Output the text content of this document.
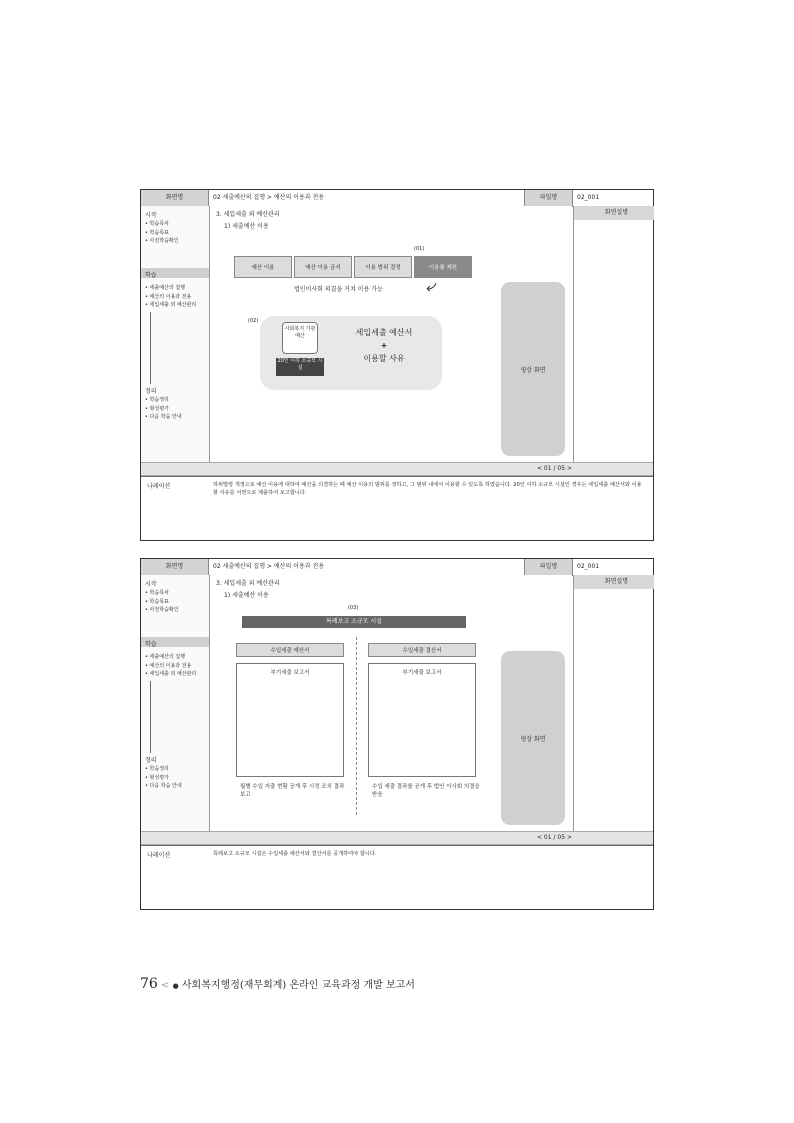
화면명	02 세출예산의 집행 > 예산의 이용과 전용	파일명	02_001
시작
• 학습목차
• 학습목표
• 사전학습확인
학습
• 세출예산의 집행
• 예산의 이용과 전용
• 세입세출 외 예산관리
정리
• 학습정리
• 형성평가
• 다음 학습 안내
3. 세입세출 외 예산관리
1) 세출예산 이용
(01)
예산 이용	예산 이용 금지	이용 범위 결정	이용률 제한
법인이사회 의결을 거쳐 이용 가능
(02)
사회복지 기관 예산
20인 이하 소규모 시설
세입세출 예산서
+
이용할 사유
영상 화면
화면설명
< 01 / 05 >
나레이션	하위법령 개정으로 예산 이용에 대하여 예산을 의결하는 때 예산 이용의 범위를 정하고, 그 범위 내에서 이용할 수 있도록 하였습니다. 20인 이하 소규모 시설인 경우는 세입세출 예산서와 이용할 사유를 서면으로 제출하여 보고합니다.
화면명	02 세출예산의 집행 > 예산의 이용과 전용	파일명	02_001
시작
• 학습목차
• 학습목표
• 사전학습확인
학습
• 세출예산의 집행
• 예산의 이용과 전용
• 세입세출 외 예산관리
정리
• 학습정리
• 형성평가
• 다음 학습 안내
3. 세입세출 외 예산관리
1) 세출예산 이용
(03)
특례보고 소규모 시설
수입세출 예산서	수입세출 결산서
부기세출 보고서	부기세출 보고서
월별 수입 지출 현황 공개 후 시정 조치 결과 보고
수입 세출 결과를 공개 후 법인 이사회 의결을 받음
영상 화면
화면설명
< 01 / 05 >
나레이션	특례보고 소규모 시설은 수입세출 예산서와 결산서를 공개하여야 합니다.
76 < ● 사회복지행정(재무회계) 온라인 교육과정 개발 보고서
